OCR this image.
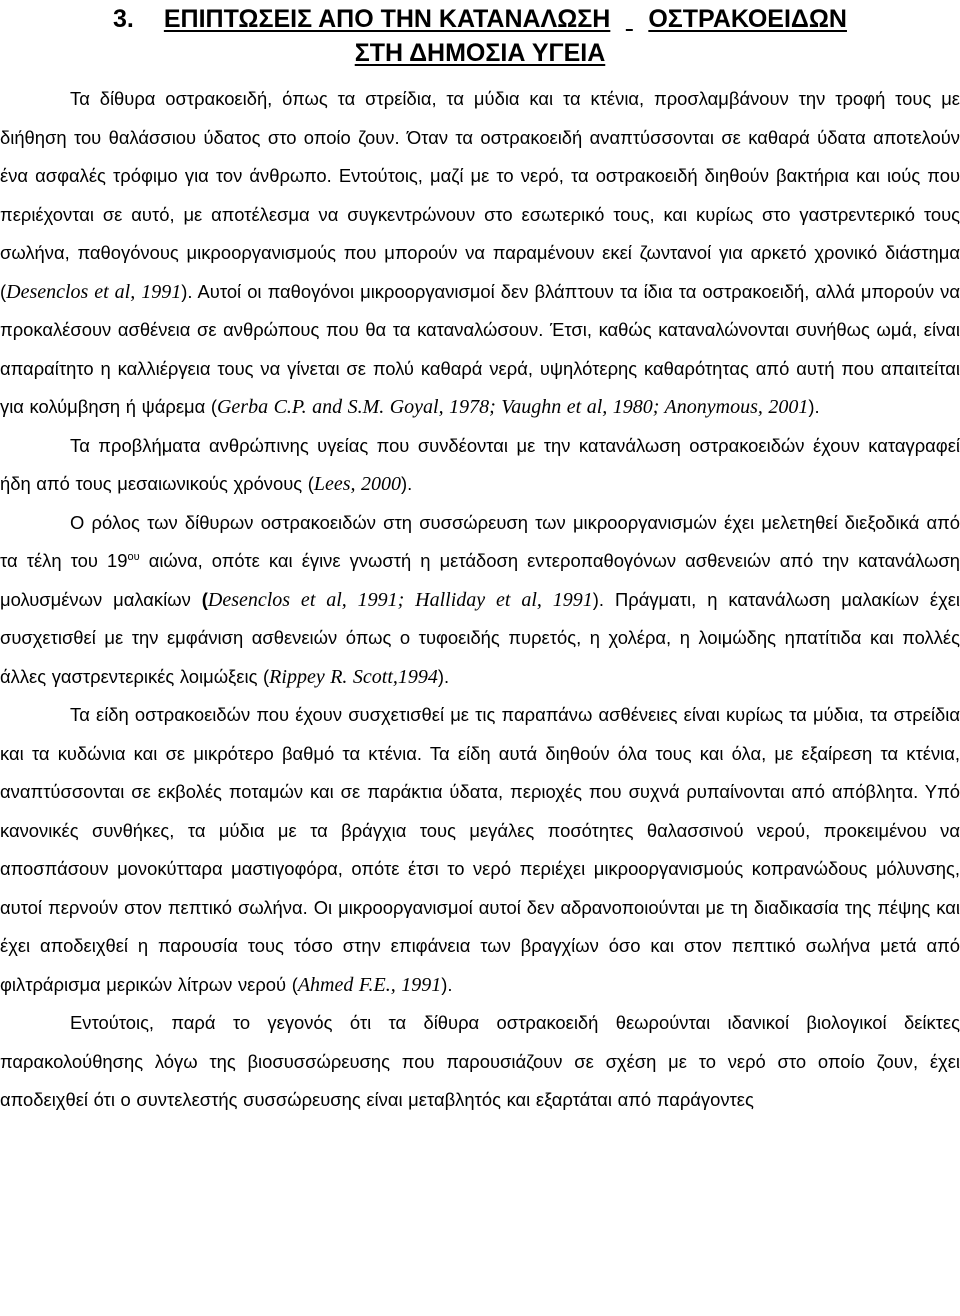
3. ΕΠΙΠΤΩΣΕΙΣ ΑΠΟ ΤΗΝ ΚΑΤΑΝΑΛΩΣΗ ΟΣΤΡΑΚΟΕΙΔΩΝ
ΣΤΗ ΔΗΜΟΣΙΑ ΥΓΕΙΑ

Τα δίθυρα οστρακοειδή, όπως τα στρείδια, τα μύδια και τα κτένια, προσλαμβάνουν την τροφή τους με διήθηση του θαλάσσιου ύδατος στο οποίο ζουν. Όταν τα οστρακοειδή αναπτύσσονται σε καθαρά ύδατα αποτελούν ένα ασφαλές τρόφιμο για τον άνθρωπο. Εντούτοις, μαζί με το νερό, τα οστρακοειδή διηθούν βακτήρια και ιούς που περιέχονται σε αυτό, με αποτέλεσμα να συγκεντρώνουν στο εσωτερικό τους, και κυρίως στο γαστρεντερικό τους σωλήνα, παθογόνους μικροοργανισμούς που μπορούν να παραμένουν εκεί ζωντανοί για αρκετό χρονικό διάστημα (Desenclos et al, 1991). Αυτοί οι παθογόνοι μικροοργανισμοί δεν βλάπτουν τα ίδια τα οστρακοειδή, αλλά μπορούν να προκαλέσουν ασθένεια σε ανθρώπους που θα τα καταναλώσουν. Έτσι, καθώς καταναλώνονται συνήθως ωμά, είναι απαραίτητο η καλλιέργεια τους να γίνεται σε πολύ καθαρά νερά, υψηλότερης καθαρότητας από αυτή που απαιτείται για κολύμβηση ή ψάρεμα (Gerba C.P. and S.M. Goyal, 1978; Vaughn et al, 1980; Anonymous, 2001).

Τα προβλήματα ανθρώπινης υγείας που συνδέονται με την κατανάλωση οστρακοειδών έχουν καταγραφεί ήδη από τους μεσαιωνικούς χρόνους (Lees, 2000).

Ο ρόλος των δίθυρων οστρακοειδών στη συσσώρευση των μικροοργανισμών έχει μελετηθεί διεξοδικά από τα τέλη του $19^{o\upsilon}$ αιώνα, οπότε και έγινε γνωστή η μετάδοση εντεροπαθογόνων ασθενειών από την κατανάλωση μολυσμένων μαλακίων (Desenclos et al, 1991; Halliday et al, 1991). Πράγματι, η κατανάλωση μαλακίων έχει συσχετισθεί με την εμφάνιση ασθενειών όπως ο τυφοειδής πυρετός, η χολέρα, η λοιμώδης ηπατίτιδα και πολλές άλλες γαστρεντερικές λοιμώξεις (Rippey R. Scott,1994).

Τα είδη οστρακοειδών που έχουν συσχετισθεί με τις παραπάνω ασθένειες είναι κυρίως τα μύδια, τα στρείδια και τα κυδώνια και σε μικρότερο βαθμό τα κτένια. Τα είδη αυτά διηθούν όλα τους και όλα, με εξαίρεση τα κτένια, αναπτύσσονται σε εκβολές ποταμών και σε παράκτια ύδατα, περιοχές που συχνά ρυπαίνονται από απόβλητα. Υπό κανονικές συνθήκες, τα μύδια με τα βράγχια τους μεγάλες ποσότητες θαλασσινού νερού, προκειμένου να αποσπάσουν μονοκύτταρα μαστιγοφόρα, οπότε έτσι το νερό περιέχει μικροοργανισμούς κοπρανώδους μόλυνσης, αυτοί περνούν στον πεπτικό σωλήνα. Οι μικροοργανισμοί αυτοί δεν αδρανοποιούνται με τη διαδικασία της πέψης και έχει αποδειχθεί η παρουσία τους τόσο στην επιφάνεια των βραγχίων όσο και στον πεπτικό σωλήνα μετά από φιλτράρισμα μερικών λίτρων νερού (Ahmed F.E., 1991).

Εντούτοις, παρά το γεγονός ότι τα δίθυρα οστρακοειδή θεωρούνται ιδανικοί βιολογικοί δείκτες παρακολούθησης λόγω της βιοσυσσώρευσης που παρουσιάζουν σε σχέση με το νερό στο οποίο ζουν, έχει αποδειχθεί ότι ο συντελεστής συσσώρευσης είναι μεταβλητός και εξαρτάται από παράγοντες
